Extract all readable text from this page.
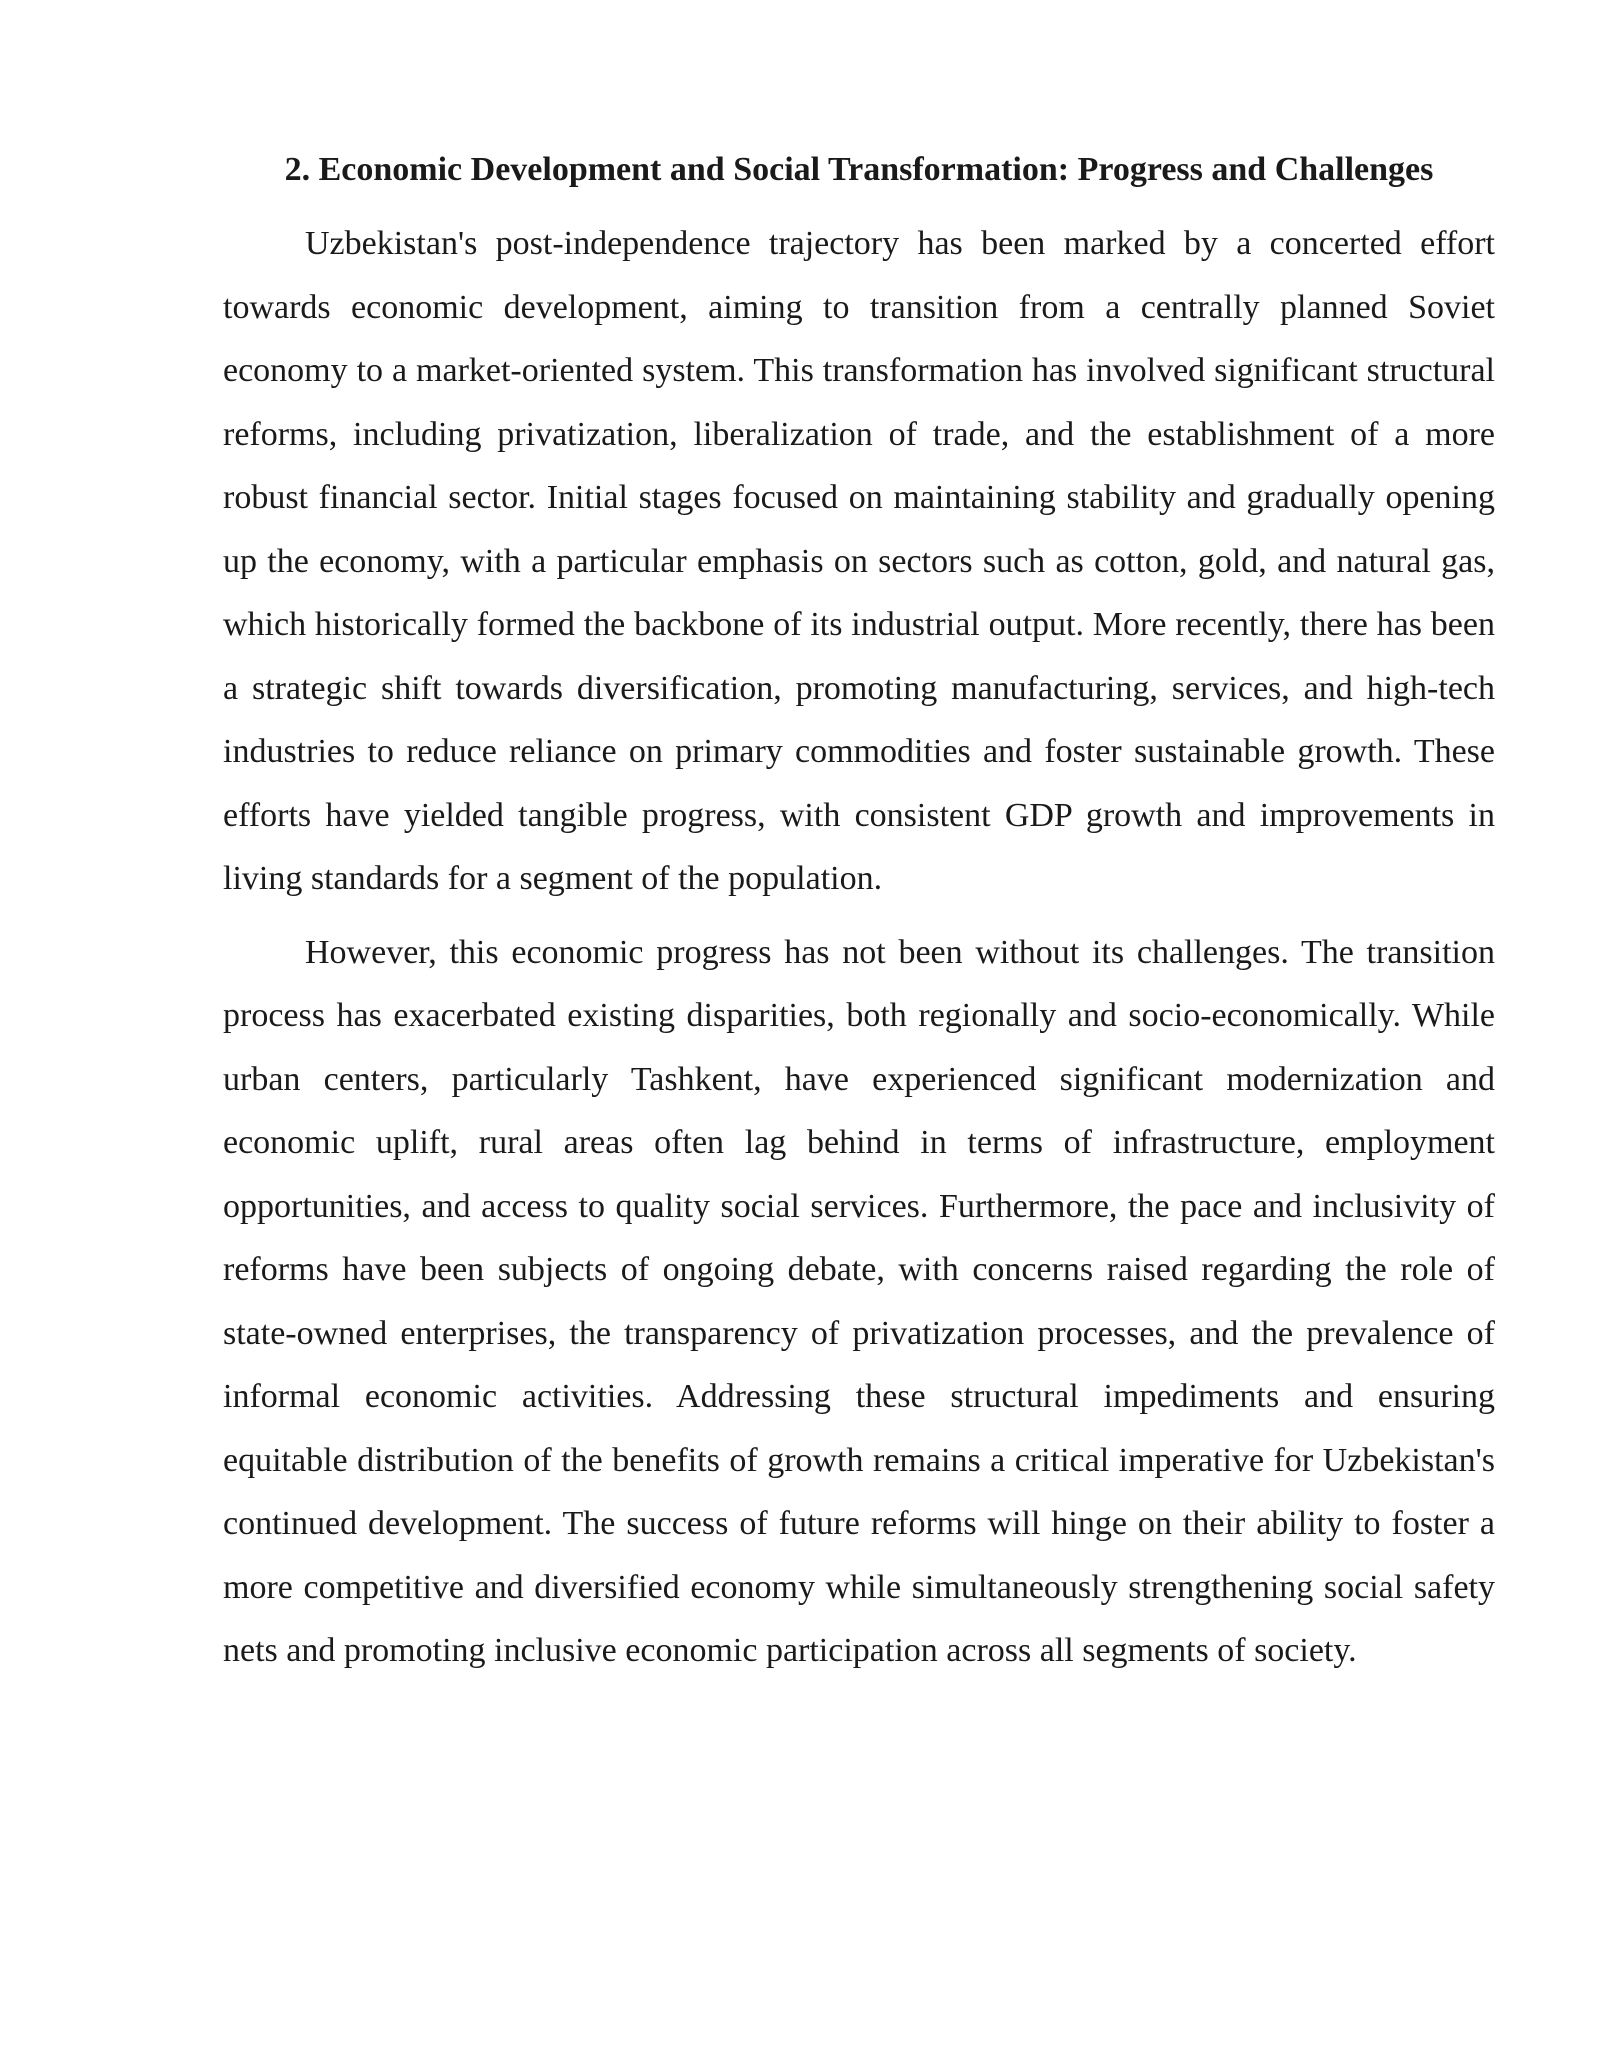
2. Economic Development and Social Transformation: Progress and Challenges

Uzbekistan's post-independence trajectory has been marked by a concerted effort towards economic development, aiming to transition from a centrally planned Soviet economy to a market-oriented system. This transformation has involved significant structural reforms, including privatization, liberalization of trade, and the establishment of a more robust financial sector. Initial stages focused on maintaining stability and gradually opening up the economy, with a particular emphasis on sectors such as cotton, gold, and natural gas, which historically formed the backbone of its industrial output. More recently, there has been a strategic shift towards diversification, promoting manufacturing, services, and high-tech industries to reduce reliance on primary commodities and foster sustainable growth. These efforts have yielded tangible progress, with consistent GDP growth and improvements in living standards for a segment of the population.

However, this economic progress has not been without its challenges. The transition process has exacerbated existing disparities, both regionally and socio-economically. While urban centers, particularly Tashkent, have experienced significant modernization and economic uplift, rural areas often lag behind in terms of infrastructure, employment opportunities, and access to quality social services. Furthermore, the pace and inclusivity of reforms have been subjects of ongoing debate, with concerns raised regarding the role of state-owned enterprises, the transparency of privatization processes, and the prevalence of informal economic activities. Addressing these structural impediments and ensuring equitable distribution of the benefits of growth remains a critical imperative for Uzbekistan's continued development. The success of future reforms will hinge on their ability to foster a more competitive and diversified economy while simultaneously strengthening social safety nets and promoting inclusive economic participation across all segments of society.
